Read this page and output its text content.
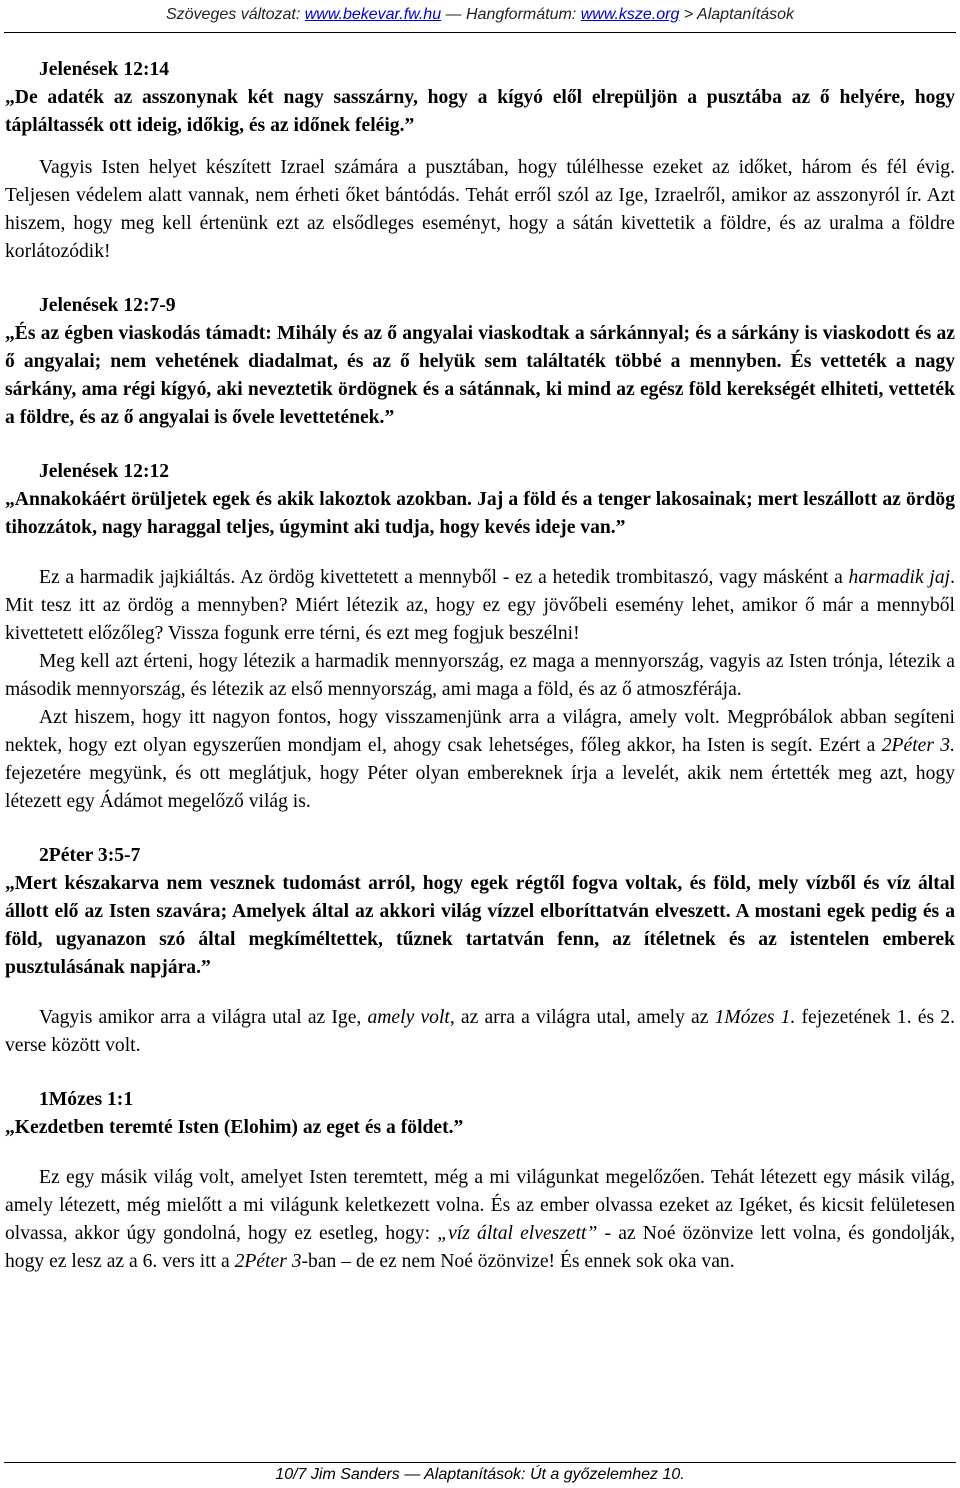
Szöveges változat: www.bekevar.fw.hu — Hangformátum: www.ksze.org > Alaptanítások

Jelenések 12:14

„De adaték az asszonynak két nagy sasszárny, hogy a kígyó elől elrepüljön a pusztába az ő helyére, hogy tápláltassék ott ideig, időkig, és az időnek feléig.”

Vagyis Isten helyet készített Izrael számára a pusztában, hogy túlélhesse ezeket az időket, három és fél évig. Teljesen védelem alatt vannak, nem érheti őket bántódás. Tehát erről szól az Ige, Izraelről, amikor az asszonyról ír. Azt hiszem, hogy meg kell értenünk ezt az elsődleges eseményt, hogy a sátán kivettetik a földre, és az uralma a földre korlátozódik!

Jelenések 12:7-9

„És az égben viaskodás támadt: Mihály és az ő angyalai viaskodtak a sárkánnyal; és a sárkány is viaskodott és az ő angyalai; nem vehetének diadalmat, és az ő helyük sem találtaték többé a mennyben. És vetteték a nagy sárkány, ama régi kígyó, aki neveztetik ördögnek és a sátánnak, ki mind az egész föld kerekségét elhiteti, vetteték a földre, és az ő angyalai is ővele levettetének.”

Jelenések 12:12

„Annakokáért örüljetek egek és akik lakoztok azokban. Jaj a föld és a tenger lakosainak; mert leszállott az ördög tihozzátok, nagy haraggal teljes, úgymint aki tudja, hogy kevés ideje van.”

Ez a harmadik jajkiáltás. Az ördög kivettetett a mennyből - ez a hetedik trombitaszó, vagy másként a harmadik jaj. Mit tesz itt az ördög a mennyben? Miért létezik az, hogy ez egy jövőbeli esemény lehet, amikor ő már a mennyből kivettetett előzőleg? Vissza fogunk erre térni, és ezt meg fogjuk beszélni!

Meg kell azt érteni, hogy létezik a harmadik mennyország, ez maga a mennyország, vagyis az Isten trónja, létezik a második mennyország, és létezik az első mennyország, ami maga a föld, és az ő atmoszférája.

Azt hiszem, hogy itt nagyon fontos, hogy visszamenjünk arra a világra, amely volt. Megpróbálok abban segíteni nektek, hogy ezt olyan egyszerűen mondjam el, ahogy csak lehetséges, főleg akkor, ha Isten is segít. Ezért a 2Péter 3. fejezetére megyünk, és ott meglátjuk, hogy Péter olyan embereknek írja a levelét, akik nem értették meg azt, hogy létezett egy Ádámot megelőző világ is.

2Péter 3:5-7

„Mert készakarva nem vesznek tudomást arról, hogy egek régtől fogva voltak, és föld, mely vízből és víz által állott elő az Isten szavára; Amelyek által az akkori világ vízzel elboríttatván elveszett. A mostani egek pedig és a föld, ugyanazon szó által megkíméltettek, tűznek tartatván fenn, az ítéletnek és az istentelen emberek pusztulásának napjára.”

Vagyis amikor arra a világra utal az Ige, amely volt, az arra a világra utal, amely az 1Mózes 1. fejezetének 1. és 2. verse között volt.

1Mózes 1:1

„Kezdetben teremté Isten (Elohim) az eget és a földet.”

Ez egy másik világ volt, amelyet Isten teremtett, még a mi világunkat megelőzően. Tehát létezett egy másik világ, amely létezett, még mielőtt a mi világunk keletkezett volna. És az ember olvassa ezeket az Igéket, és kicsit felületesen olvassa, akkor úgy gondolná, hogy ez esetleg, hogy: „víz által elveszett” - az Noé özönvize lett volna, és gondolják, hogy ez lesz az a 6. vers itt a 2Péter 3-ban – de ez nem Noé özönvize! És ennek sok oka van.

10/7 Jim Sanders — Alaptanítások: Út a győzelemhez 10.
